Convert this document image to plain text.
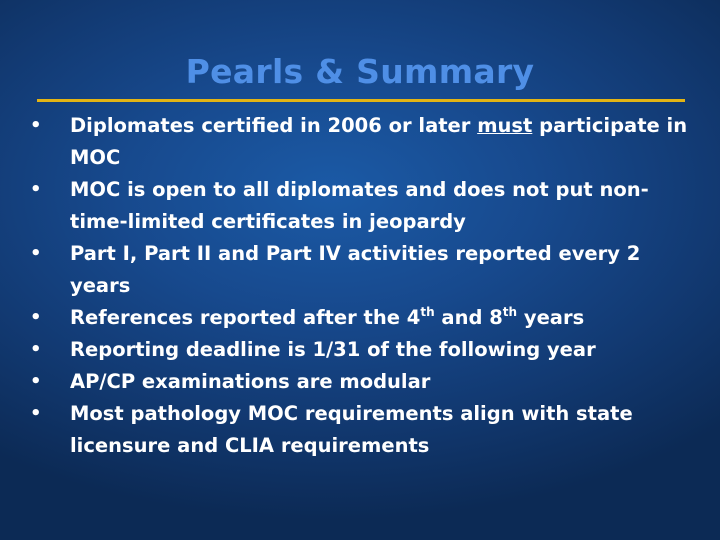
Pearls & Summary
• Diplomates certified in 2006 or later must participate in
MOC
• MOC is open to all diplomates and does not put non-
time-limited certificates in jeopardy
• Part I, Part II and Part IV activities reported every 2
years
• References reported after the 4th and 8th years
• Reporting deadline is 1/31 of the following year
• AP/CP examinations are modular
• Most pathology MOC requirements align with state
licensure and CLIA requirements
